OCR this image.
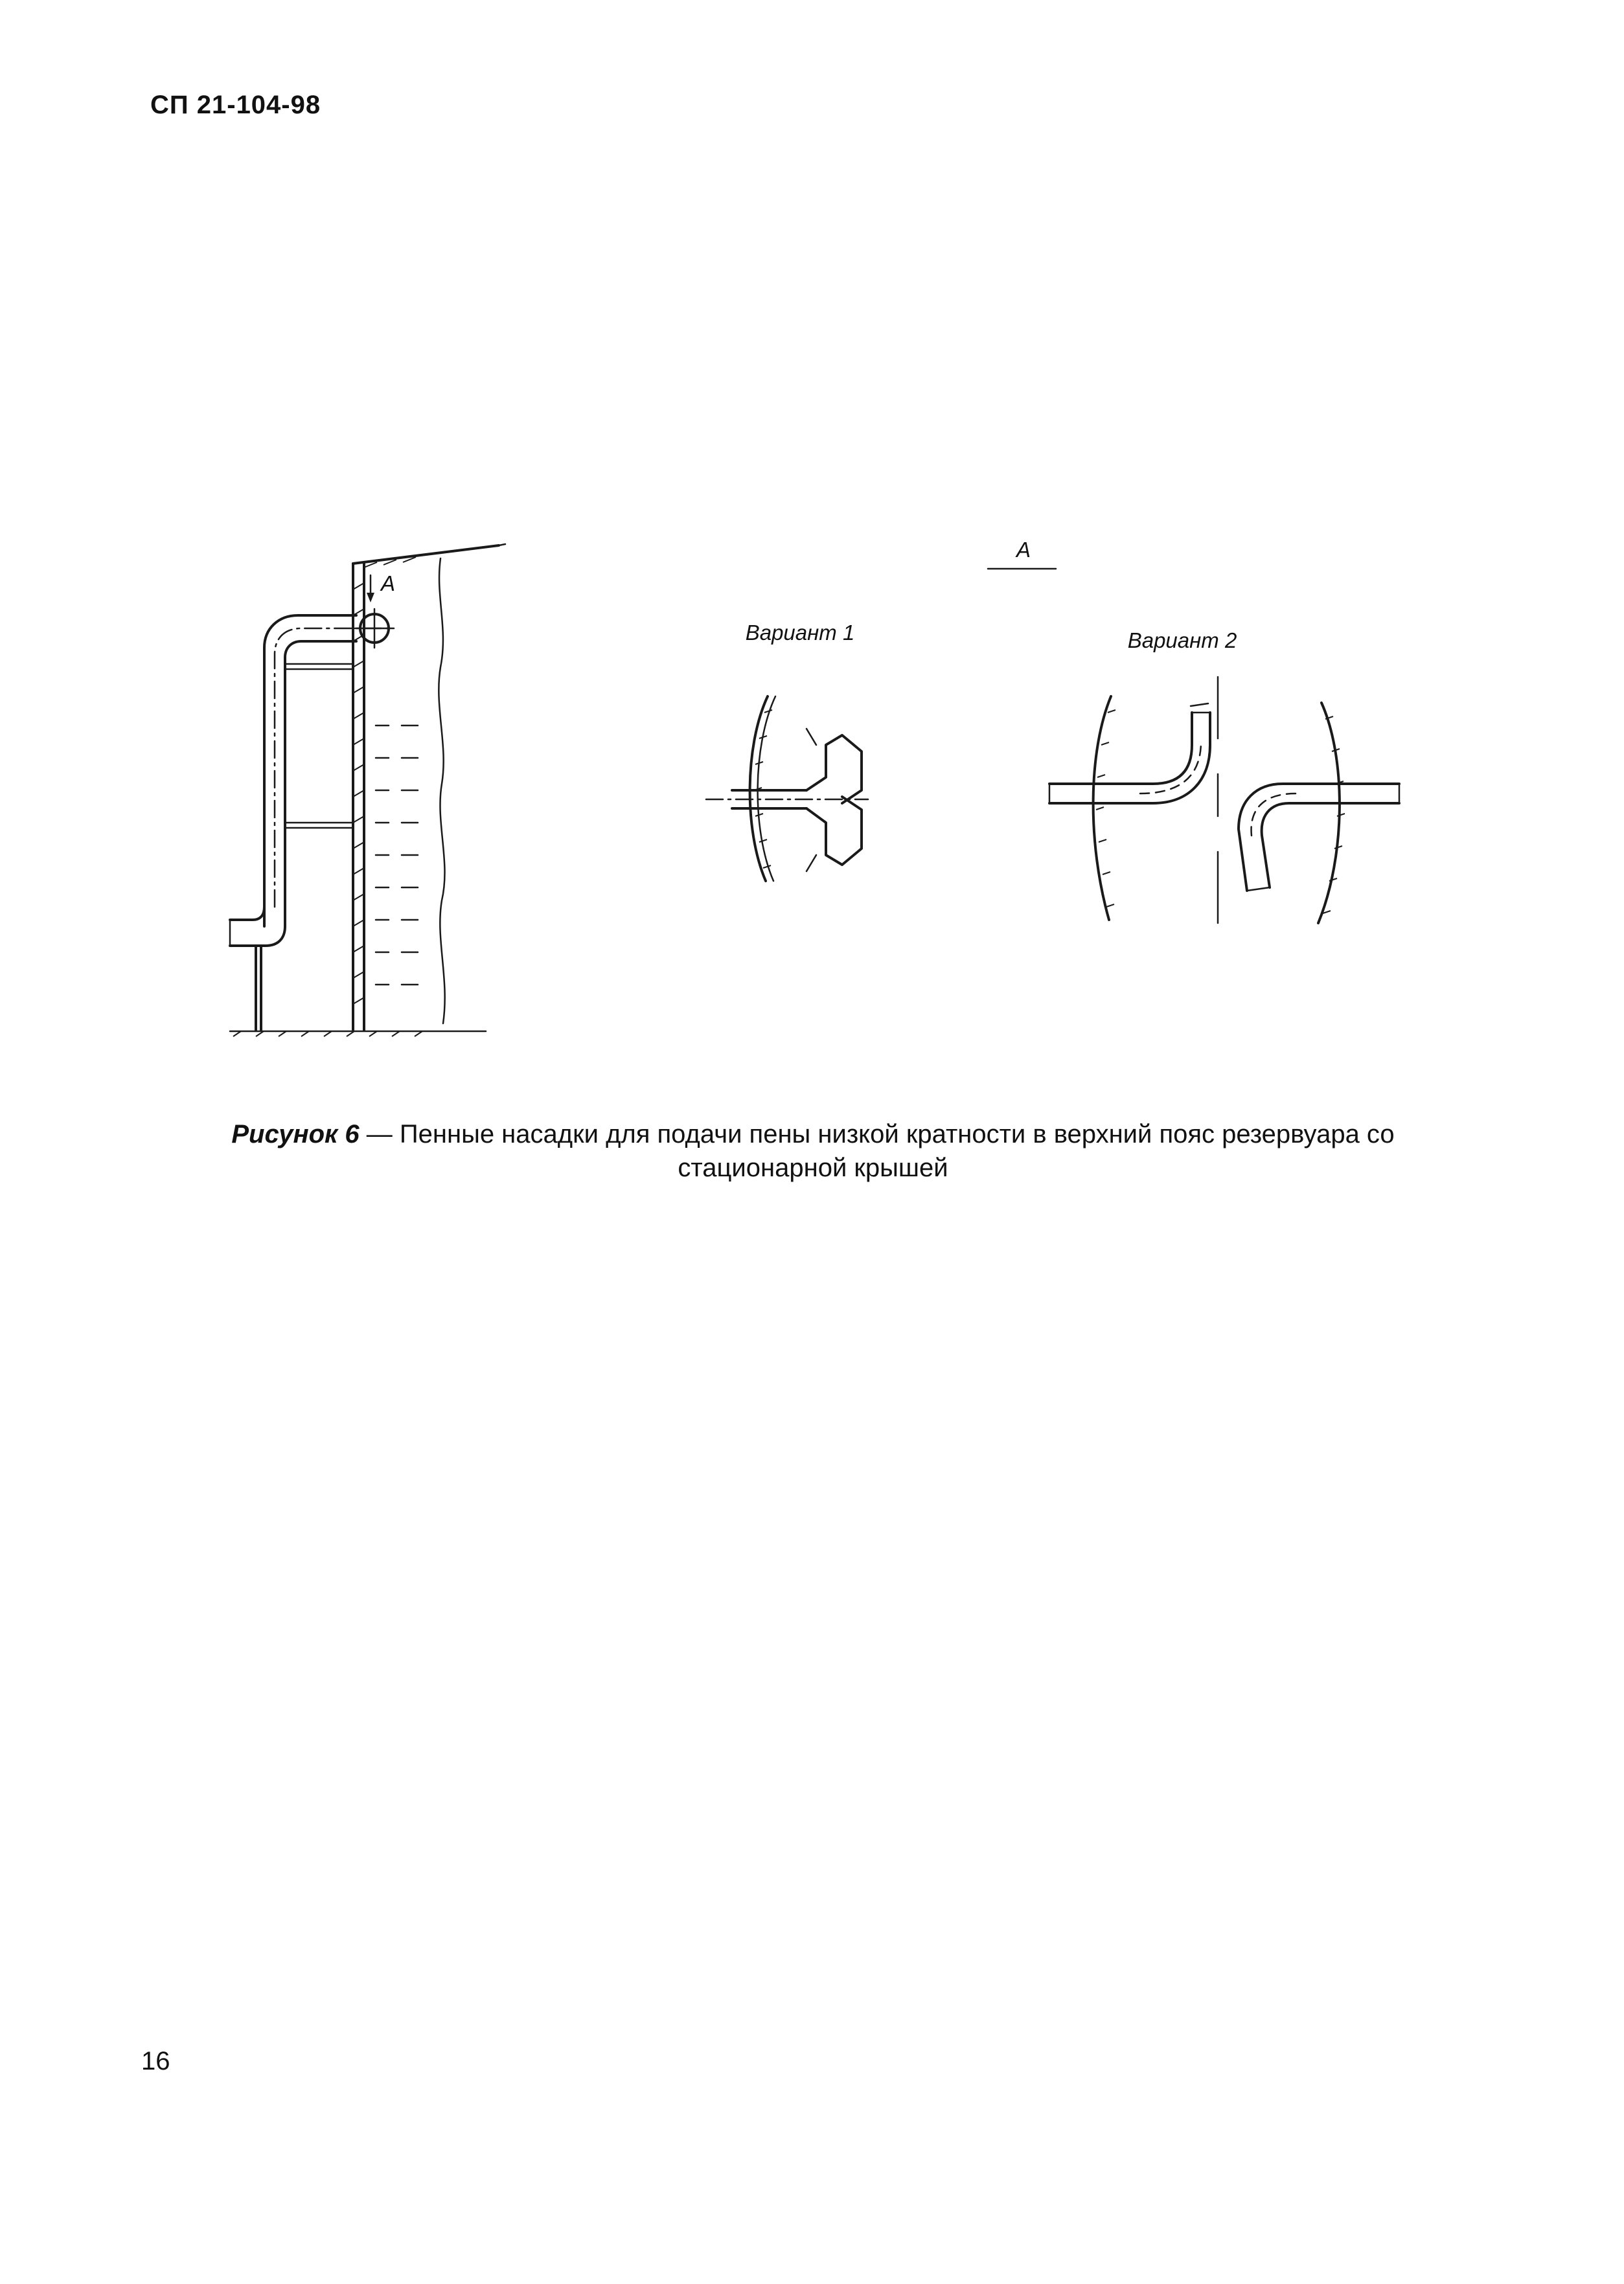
СП 21-104-98
A
A
Вариант 1	Вариант 2
Рисунок 6 — Пенные насадки для подачи пены низкой кратности в верхний пояс резервуара со стационарной крышей
16
